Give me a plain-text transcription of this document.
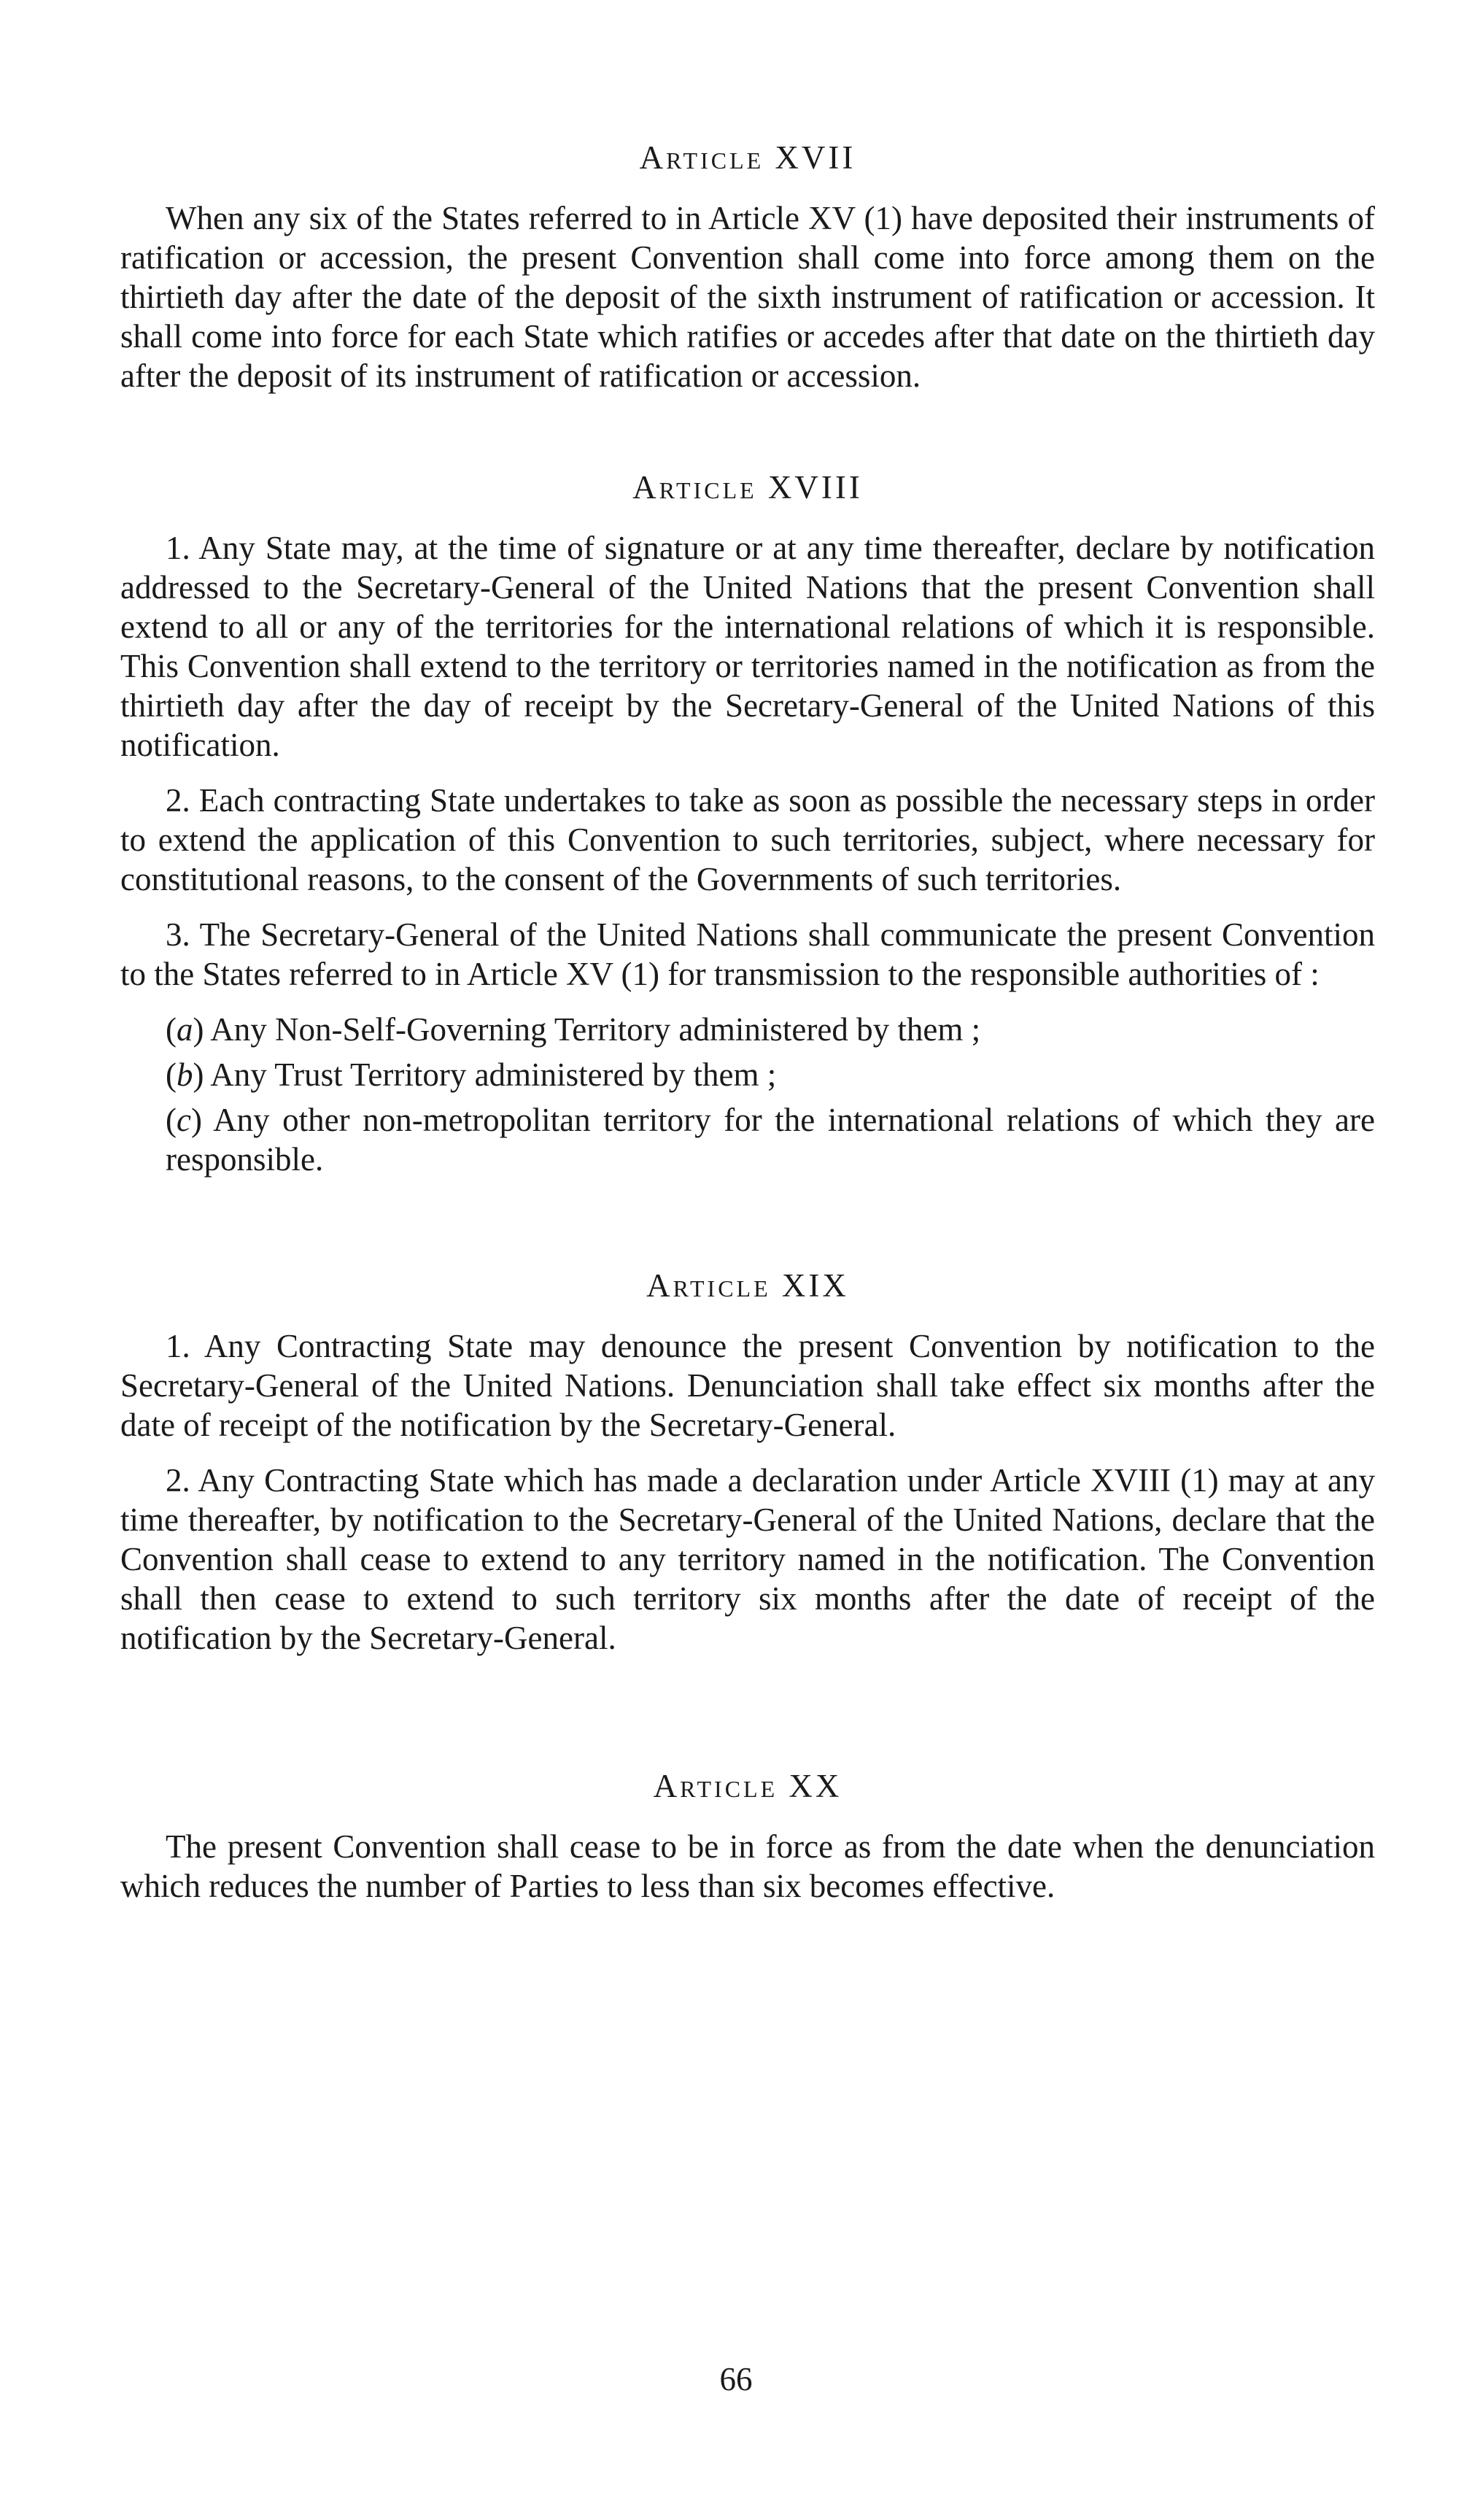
Article XVII

When any six of the States referred to in Article XV (1) have deposited their instruments of ratification or accession, the present Convention shall come into force among them on the thirtieth day after the date of the deposit of the sixth instrument of ratification or accession. It shall come into force for each State which ratifies or accedes after that date on the thirtieth day after the deposit of its instrument of ratification or accession.

Article XVIII

1. Any State may, at the time of signature or at any time thereafter, declare by notification addressed to the Secretary-General of the United Nations that the present Convention shall extend to all or any of the territories for the international relations of which it is responsible. This Convention shall extend to the territory or territories named in the notification as from the thirtieth day after the day of receipt by the Secretary-General of the United Nations of this notification.

2. Each contracting State undertakes to take as soon as possible the necessary steps in order to extend the application of this Convention to such territories, subject, where necessary for constitutional reasons, to the consent of the Governments of such territories.

3. The Secretary-General of the United Nations shall communicate the present Convention to the States referred to in Article XV (1) for transmission to the responsible authorities of :

(a) Any Non-Self-Governing Territory administered by them ;

(b) Any Trust Territory administered by them ;

(c) Any other non-metropolitan territory for the international relations of which they are responsible.

Article XIX

1. Any Contracting State may denounce the present Convention by notification to the Secretary-General of the United Nations. Denunciation shall take effect six months after the date of receipt of the notification by the Secretary-General.

2. Any Contracting State which has made a declaration under Article XVIII (1) may at any time thereafter, by notification to the Secretary-General of the United Nations, declare that the Convention shall cease to extend to any territory named in the notification. The Convention shall then cease to extend to such territory six months after the date of receipt of the notification by the Secretary-General.

Article XX

The present Convention shall cease to be in force as from the date when the denunciation which reduces the number of Parties to less than six becomes effective.

66
